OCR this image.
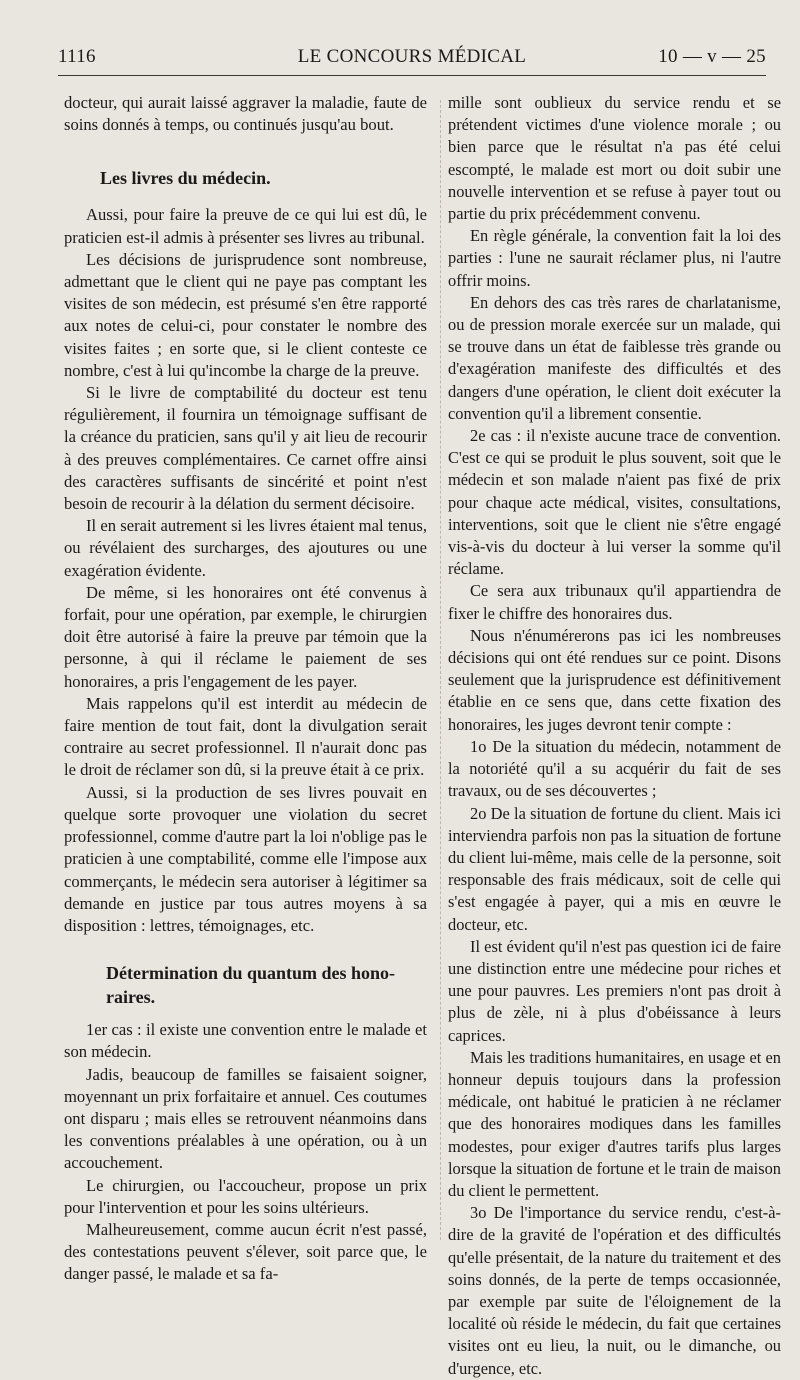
1116	LE CONCOURS MÉDICAL	10 — v — 25

docteur, qui aurait laissé aggraver la maladie, faute de soins donnés à temps, ou continués jusqu'au bout.

Les livres du médecin.

Aussi, pour faire la preuve de ce qui lui est dû, le praticien est-il admis à présenter ses livres au tribunal.

Les décisions de jurisprudence sont nombreuse, admettant que le client qui ne paye pas comptant les visites de son médecin, est présumé s'en être rapporté aux notes de celui-ci, pour constater le nombre des visites faites ; en sorte que, si le client conteste ce nombre, c'est à lui qu'incombe la charge de la preuve.

Si le livre de comptabilité du docteur est tenu régulièrement, il fournira un témoignage suffisant de la créance du praticien, sans qu'il y ait lieu de recourir à des preuves complémentaires. Ce carnet offre ainsi des caractères suffisants de sincérité et point n'est besoin de recourir à la délation du serment décisoire.

Il en serait autrement si les livres étaient mal tenus, ou révélaient des surcharges, des ajoutures ou une exagération évidente.

De même, si les honoraires ont été convenus à forfait, pour une opération, par exemple, le chirurgien doit être autorisé à faire la preuve par témoin que la personne, à qui il réclame le paiement de ses honoraires, a pris l'engagement de les payer.

Mais rappelons qu'il est interdit au médecin de faire mention de tout fait, dont la divulgation serait contraire au secret professionnel. Il n'aurait donc pas le droit de réclamer son dû, si la preuve était à ce prix.

Aussi, si la production de ses livres pouvait en quelque sorte provoquer une violation du secret professionnel, comme d'autre part la loi n'oblige pas le praticien à une comptabilité, comme elle l'impose aux commerçants, le médecin sera autoriser à légitimer sa demande en justice par tous autres moyens à sa disposition : lettres, témoignages, etc.

Détermination du quantum des hono-
raires.

1er cas : il existe une convention entre le malade et son médecin.

Jadis, beaucoup de familles se faisaient soigner, moyennant un prix forfaitaire et annuel. Ces coutumes ont disparu ; mais elles se retrouvent néanmoins dans les conventions préalables à une opération, ou à un accouchement.

Le chirurgien, ou l'accoucheur, propose un prix pour l'intervention et pour les soins ultérieurs.

Malheureusement, comme aucun écrit n'est passé, des contestations peuvent s'élever, soit parce que, le danger passé, le malade et sa fa-

mille sont oublieux du service rendu et se prétendent victimes d'une violence morale ; ou bien parce que le résultat n'a pas été celui escompté, le malade est mort ou doit subir une nouvelle intervention et se refuse à payer tout ou partie du prix précédemment convenu.

En règle générale, la convention fait la loi des parties : l'une ne saurait réclamer plus, ni l'autre offrir moins.

En dehors des cas très rares de charlatanisme, ou de pression morale exercée sur un malade, qui se trouve dans un état de faiblesse très grande ou d'exagération manifeste des difficultés et des dangers d'une opération, le client doit exécuter la convention qu'il a librement consentie.

2e cas : il n'existe aucune trace de convention. C'est ce qui se produit le plus souvent, soit que le médecin et son malade n'aient pas fixé de prix pour chaque acte médical, visites, consultations, interventions, soit que le client nie s'être engagé vis-à-vis du docteur à lui verser la somme qu'il réclame.

Ce sera aux tribunaux qu'il appartiendra de fixer le chiffre des honoraires dus.

Nous n'énumérerons pas ici les nombreuses décisions qui ont été rendues sur ce point. Disons seulement que la jurisprudence est définitivement établie en ce sens que, dans cette fixation des honoraires, les juges devront tenir compte :

1o De la situation du médecin, notamment de la notoriété qu'il a su acquérir du fait de ses travaux, ou de ses découvertes ;

2o De la situation de fortune du client. Mais ici interviendra parfois non pas la situation de fortune du client lui-même, mais celle de la personne, soit responsable des frais médicaux, soit de celle qui s'est engagée à payer, qui a mis en œuvre le docteur, etc.

Il est évident qu'il n'est pas question ici de faire une distinction entre une médecine pour riches et une pour pauvres. Les premiers n'ont pas droit à plus de zèle, ni à plus d'obéissance à leurs caprices.

Mais les traditions humanitaires, en usage et en honneur depuis toujours dans la profession médicale, ont habitué le praticien à ne réclamer que des honoraires modiques dans les familles modestes, pour exiger d'autres tarifs plus larges lorsque la situation de fortune et le train de maison du client le permettent.

3o De l'importance du service rendu, c'est-à-dire de la gravité de l'opération et des difficultés qu'elle présentait, de la nature du traitement et des soins donnés, de la perte de temps occasionnée, par exemple par suite de l'éloignement de la localité où réside le médecin, du fait que certaines visites ont eu lieu, la nuit, ou le dimanche, ou d'urgence, etc.
